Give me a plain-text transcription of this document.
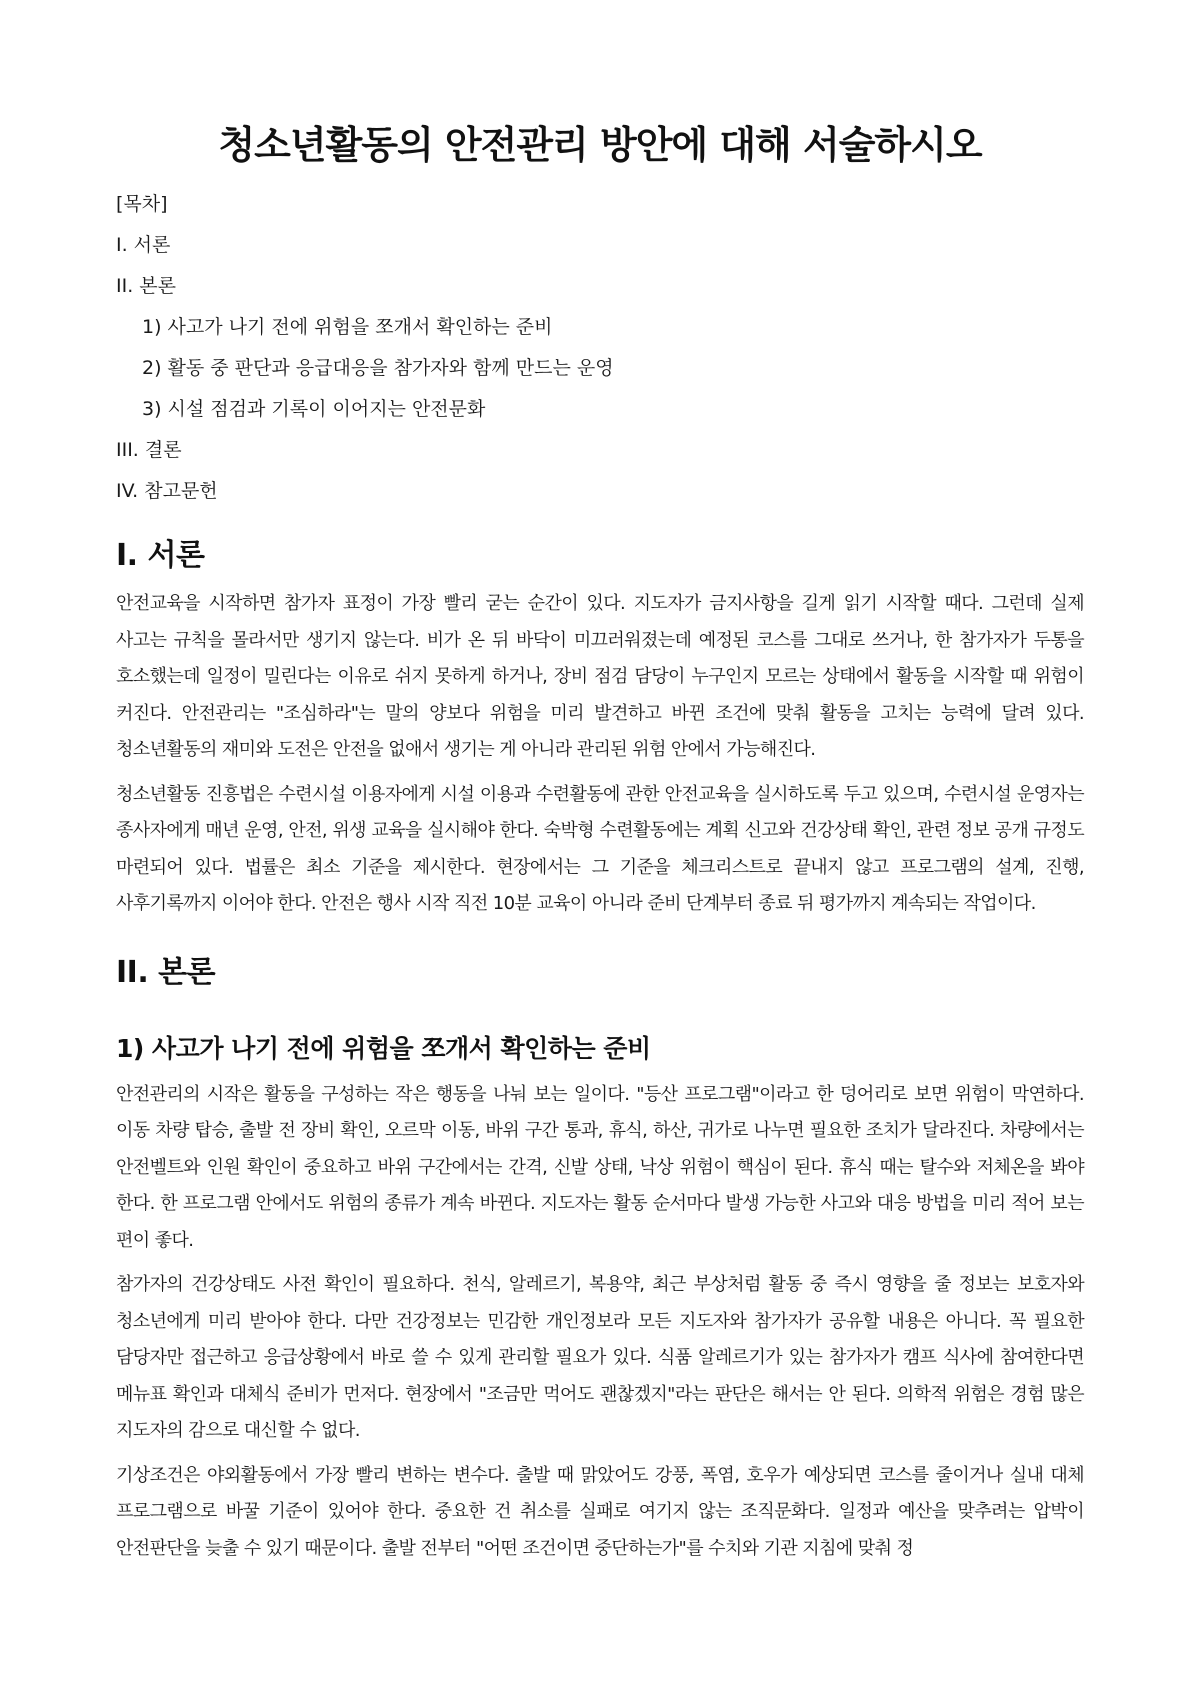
청소년활동의 안전관리 방안에 대해 서술하시오
[목차]
I. 서론
II. 본론
1) 사고가 나기 전에 위험을 쪼개서 확인하는 준비
2) 활동 중 판단과 응급대응을 참가자와 함께 만드는 운영
3) 시설 점검과 기록이 이어지는 안전문화
III. 결론
IV. 참고문헌
I. 서론

안전교육을 시작하면 참가자 표정이 가장 빨리 굳는 순간이 있다. 지도자가 금지사항을 길게 읽기 시작할 때다. 그런데 실제 사고는 규칙을 몰라서만 생기지 않는다. 비가 온 뒤 바닥이 미끄러워졌는데 예정된 코스를 그대로 쓰거나, 한 참가자가 두통을 호소했는데 일정이 밀린다는 이유로 쉬지 못하게 하거나, 장비 점검 담당이 누구인지 모르는 상태에서 활동을 시작할 때 위험이 커진다. 안전관리는 "조심하라"는 말의 양보다 위험을 미리 발견하고 바뀐 조건에 맞춰 활동을 고치는 능력에 달려 있다. 청소년활동의 재미와 도전은 안전을 없애서 생기는 게 아니라 관리된 위험 안에서 가능해진다.

청소년활동 진흥법은 수련시설 이용자에게 시설 이용과 수련활동에 관한 안전교육을 실시하도록 두고 있으며, 수련시설 운영자는 종사자에게 매년 운영, 안전, 위생 교육을 실시해야 한다. 숙박형 수련활동에는 계획 신고와 건강상태 확인, 관련 정보 공개 규정도 마련되어 있다. 법률은 최소 기준을 제시한다. 현장에서는 그 기준을 체크리스트로 끝내지 않고 프로그램의 설계, 진행, 사후기록까지 이어야 한다. 안전은 행사 시작 직전 10분 교육이 아니라 준비 단계부터 종료 뒤 평가까지 계속되는 작업이다.

II. 본론
1) 사고가 나기 전에 위험을 쪼개서 확인하는 준비

안전관리의 시작은 활동을 구성하는 작은 행동을 나눠 보는 일이다. "등산 프로그램"이라고 한 덩어리로 보면 위험이 막연하다. 이동 차량 탑승, 출발 전 장비 확인, 오르막 이동, 바위 구간 통과, 휴식, 하산, 귀가로 나누면 필요한 조치가 달라진다. 차량에서는 안전벨트와 인원 확인이 중요하고 바위 구간에서는 간격, 신발 상태, 낙상 위험이 핵심이 된다. 휴식 때는 탈수와 저체온을 봐야 한다. 한 프로그램 안에서도 위험의 종류가 계속 바뀐다. 지도자는 활동 순서마다 발생 가능한 사고와 대응 방법을 미리 적어 보는 편이 좋다.

참가자의 건강상태도 사전 확인이 필요하다. 천식, 알레르기, 복용약, 최근 부상처럼 활동 중 즉시 영향을 줄 정보는 보호자와 청소년에게 미리 받아야 한다. 다만 건강정보는 민감한 개인정보라 모든 지도자와 참가자가 공유할 내용은 아니다. 꼭 필요한 담당자만 접근하고 응급상황에서 바로 쓸 수 있게 관리할 필요가 있다. 식품 알레르기가 있는 참가자가 캠프 식사에 참여한다면 메뉴표 확인과 대체식 준비가 먼저다. 현장에서 "조금만 먹어도 괜찮겠지"라는 판단은 해서는 안 된다. 의학적 위험은 경험 많은 지도자의 감으로 대신할 수 없다.

기상조건은 야외활동에서 가장 빨리 변하는 변수다. 출발 때 맑았어도 강풍, 폭염, 호우가 예상되면 코스를 줄이거나 실내 대체 프로그램으로 바꿀 기준이 있어야 한다. 중요한 건 취소를 실패로 여기지 않는 조직문화다. 일정과 예산을 맞추려는 압박이 안전판단을 늦출 수 있기 때문이다. 출발 전부터 "어떤 조건이면 중단하는가"를 수치와 기관 지침에 맞춰 정
